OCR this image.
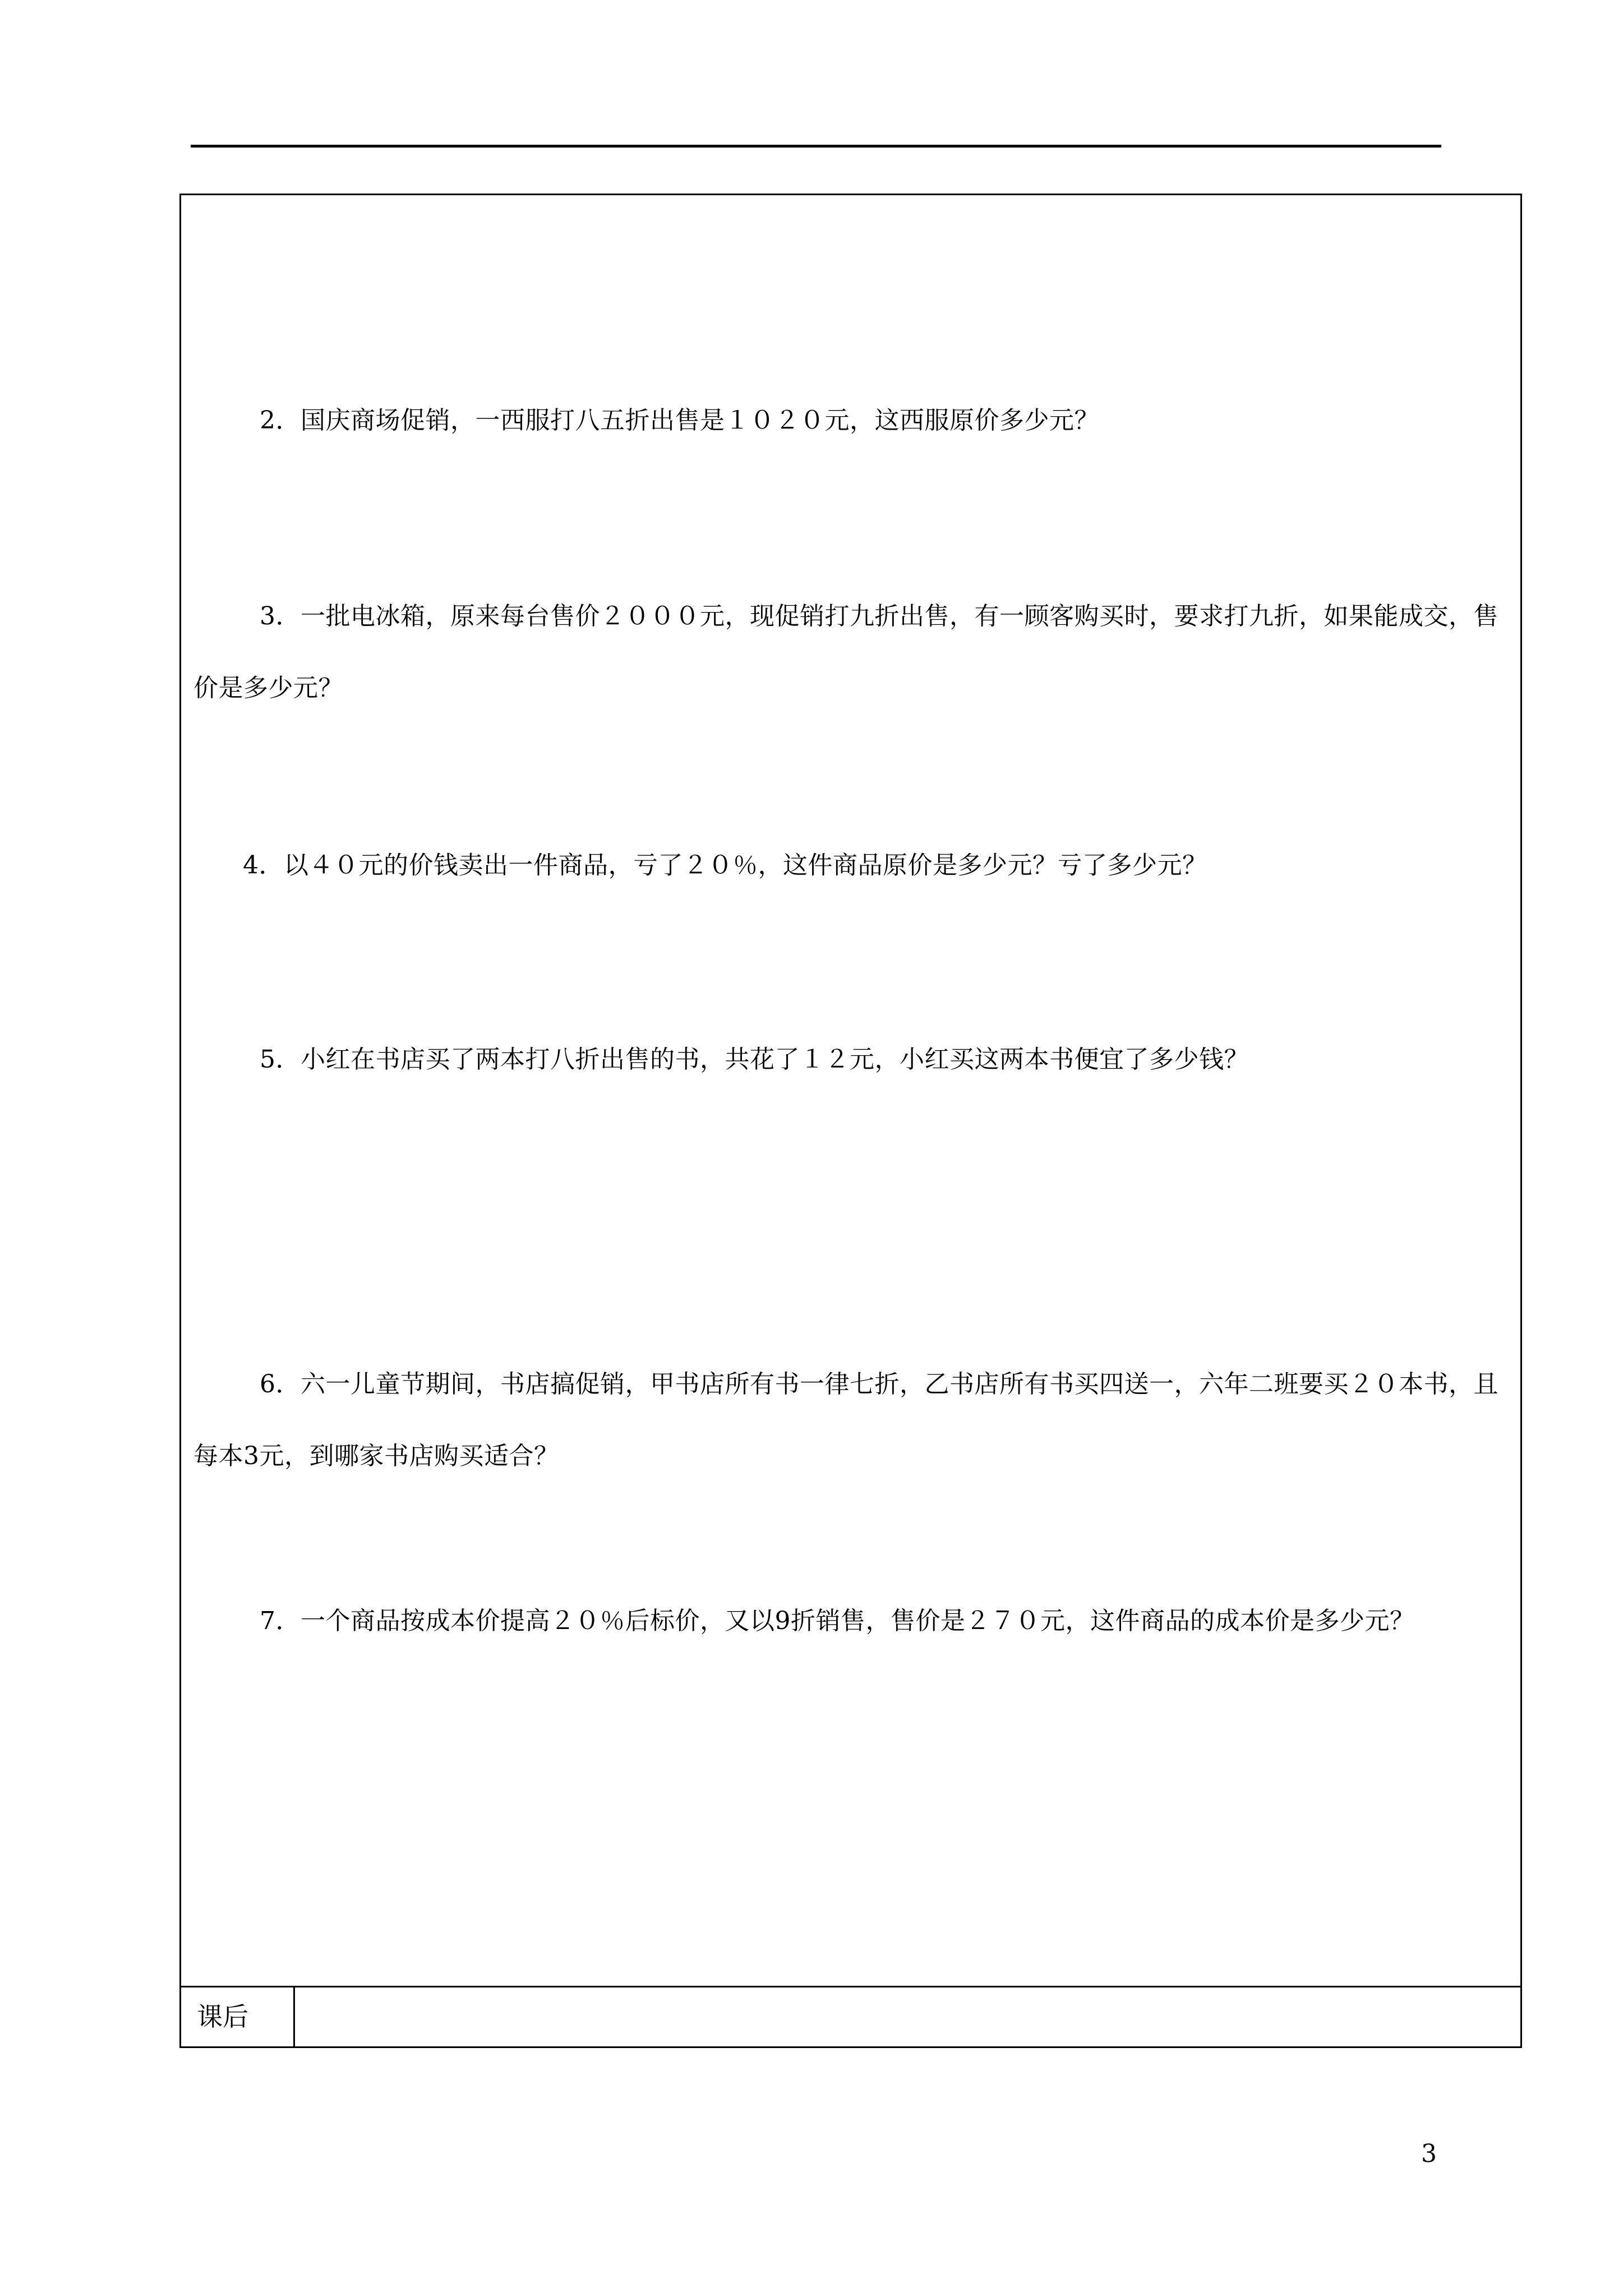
2．国庆商场促销，一西服打八五折出售是１０２０元，这西服原价多少元？

3．一批电冰箱，原来每台售价２０００元，现促销打九折出售，有一顾客购买时，要求打九折，如果能成交，售价是多少元？

4．以４０元的价钱卖出一件商品，亏了２０％，这件商品原价是多少元？亏了多少元？

5．小红在书店买了两本打八折出售的书，共花了１２元，小红买这两本书便宜了多少钱？

6．六一儿童节期间，书店搞促销，甲书店所有书一律七折，乙书店所有书买四送一，六年二班要买２０本书，且每本3元，到哪家书店购买适合？

7．一个商品按成本价提高２０％后标价，又以9折销售，售价是２７０元，这件商品的成本价是多少元？

课后
3
